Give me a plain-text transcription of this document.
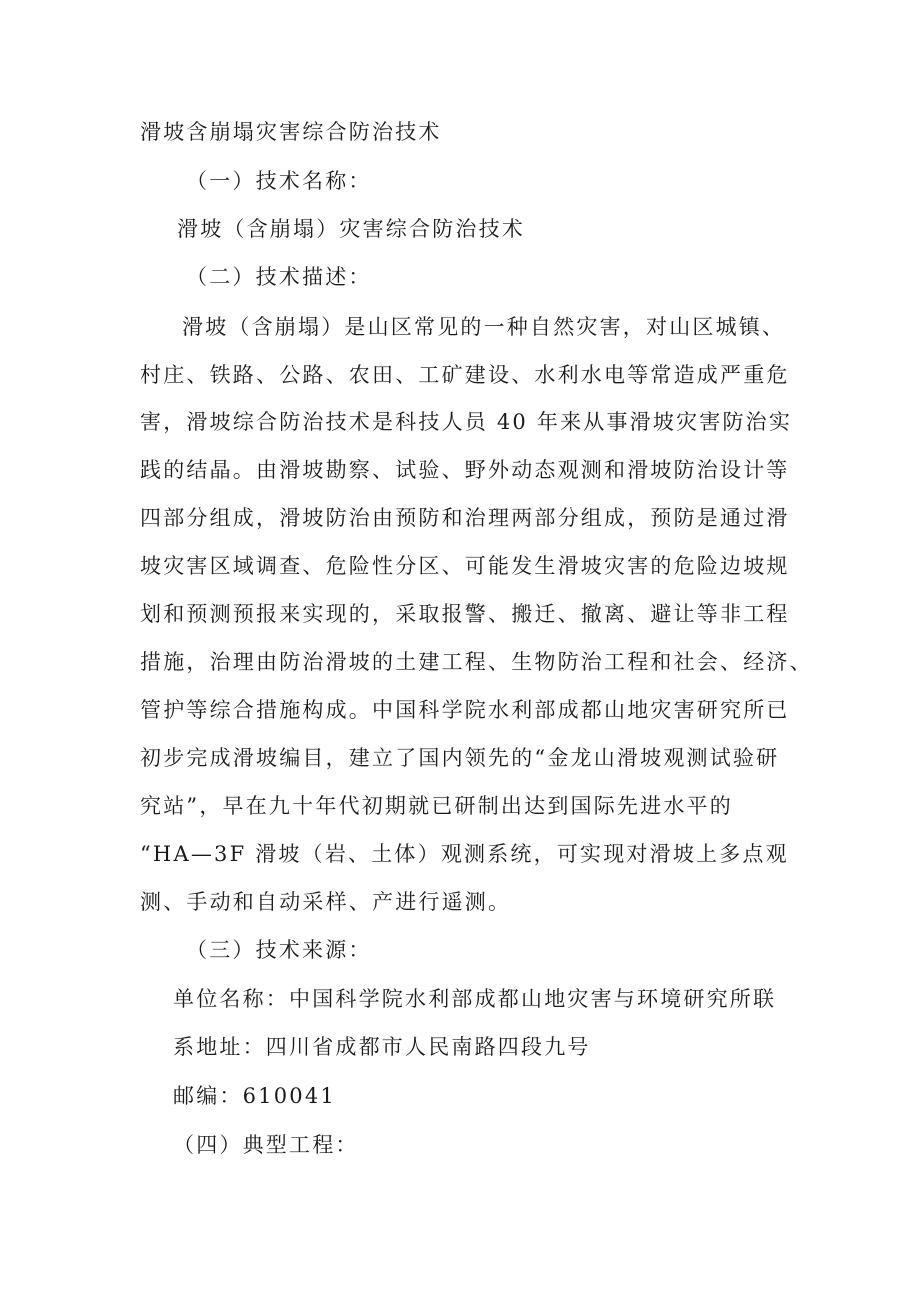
滑坡含崩塌灾害综合防治技术
（一）技术名称：
滑坡（含崩塌）灾害综合防治技术
（二）技术描述：
滑坡（含崩塌）是山区常见的一种自然灾害，对山区城镇、
村庄、铁路、公路、农田、工矿建设、水利水电等常造成严重危
害，滑坡综合防治技术是科技人员 40 年来从事滑坡灾害防治实
践的结晶。由滑坡勘察、试验、野外动态观测和滑坡防治设计等
四部分组成，滑坡防治由预防和治理两部分组成，预防是通过滑
坡灾害区域调查、危险性分区、可能发生滑坡灾害的危险边坡规
划和预测预报来实现的，采取报警、搬迁、撤离、避让等非工程
措施，治理由防治滑坡的土建工程、生物防治工程和社会、经济、
管护等综合措施构成。中国科学院水利部成都山地灾害研究所已
初步完成滑坡编目，建立了国内领先的“金龙山滑坡观测试验研
究站”，早在九十年代初期就已研制出达到国际先进水平的
“HA—3F 滑坡（岩、土体）观测系统，可实现对滑坡上多点观
测、手动和自动采样、产进行遥测。
（三）技术来源：
单位名称：中国科学院水利部成都山地灾害与环境研究所联
系地址：四川省成都市人民南路四段九号
邮编：610041
（四）典型工程：
